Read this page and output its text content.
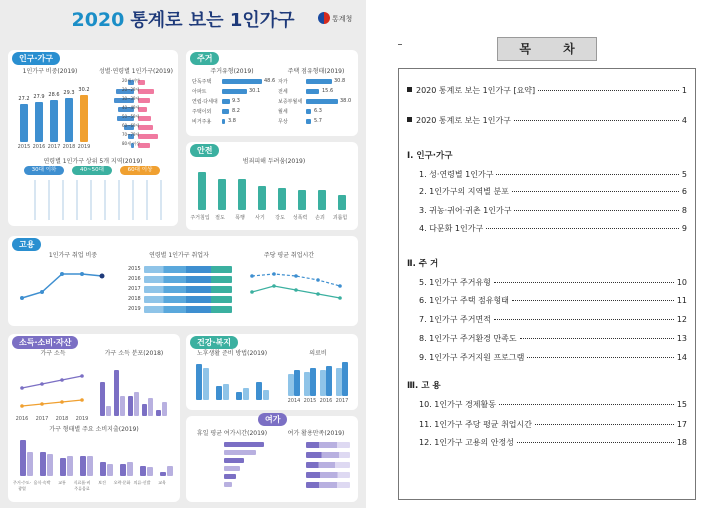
2020 통계로 보는 1인가구	통계청
1인가구 비중(2019)
27.2 27.9 28.6 29.3 30.2
2015 2016 2017 2018 2019
성별·연령별 1인가구(2019)
20세 미만
20~29세
30~39세
40~49세
50~59세
60~69세
70~79세
80세 이상
연령별 1인가구 상위 5개 지역(2019)
30대 이하	40~50대	60대 이상
인구·가구
주거유형(2019)	주택 점유형태(2019)
단독주택	48.6
아파트	30.1
연립·다세대	9.3
주택이외	8.2
비거주용	3.8
자가	30.8
전세	15.6
보증부월세	38.0
월세	6.3
무상	5.7
주거
범죄피해 두려움(2019)
주거침입	절도	폭행	사기	강도	성폭력	손괴	괴롭힘
안전
1인가구 취업 비중	연령별 1인가구 취업자	주당 평균 취업시간
2015
2016
2017
2018
2019
고용
가구 소득	가구 소득 분포(2018)
2016	2017	2018	2019
가구 형태별 주요 소비지출(2019)
주거·수도·광열
음식·숙박	교통	식료품·비주류음료
보건	오락·문화 의류·신발	교육
소득·소비·자산
노후생활 준비 방법(2019)	의료비
2014 2015 2016 2017
건강·복지
휴일 평균 여가시간(2019)	여가 활용만족(2019)
여가
목 차
2020 통계로 보는 1인가구 [요약]	1
2020 통계로 보는 1인가구	4
Ⅰ. 인구·가구
1. 성·연령별 1인가구	5
2. 1인가구의 지역별 분포	6
3. 귀농·귀어·귀촌 1인가구	8
4. 다문화 1인가구	9
Ⅱ. 주 거
5. 1인가구 주거유형	10
6. 1인가구 주택 점유형태	11
7. 1인가구 주거면적	12
8. 1인가구 주거환경 만족도	13
9. 1인가구 주거지원 프로그램	14
Ⅲ. 고 용
10. 1인가구 경제활동	15
11. 1인가구 주당 평균 취업시간	17
12. 1인가구 고용의 안정성	18
